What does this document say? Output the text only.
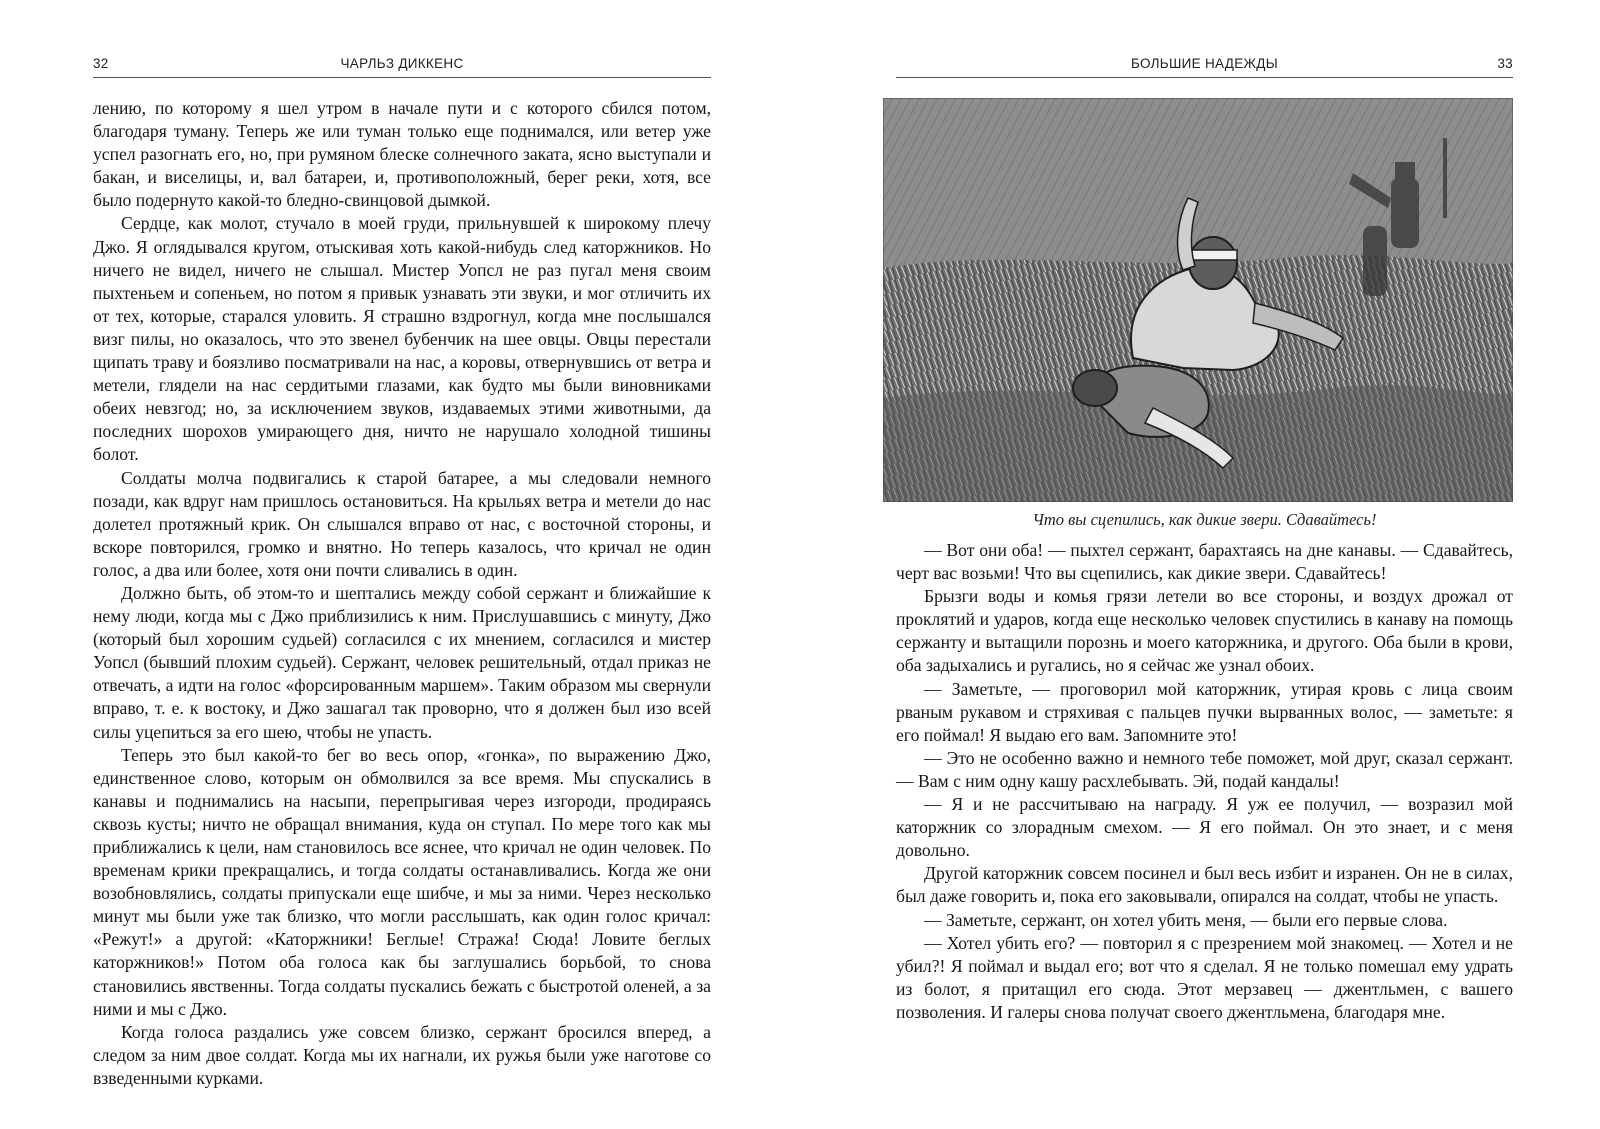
32	ЧАРЛЬЗ ДИККЕНС

лению, по которому я шел утром в начале пути и с которого сбился потом, благодаря туману. Теперь же или туман только еще поднимался, или ветер уже успел разогнать его, но, при румяном блеске солнечного заката, ясно выступали и бакан, и виселицы, и, вал батареи, и, противоположный, берег реки, хотя, все было подернуто какой-то бледно-свинцовой дымкой.

Сердце, как молот, стучало в моей груди, прильнувшей к широкому плечу Джо. Я оглядывался кругом, отыскивая хоть какой-нибудь след каторжников. Но ничего не видел, ничего не слышал. Мистер Уопсл не раз пугал меня своим пыхтеньем и сопеньем, но потом я привык узнавать эти звуки, и мог отличить их от тех, которые, старался уловить. Я страшно вздрогнул, когда мне послышался визг пилы, но оказалось, что это звенел бубенчик на шее овцы. Овцы перестали щипать траву и боязливо посматривали на нас, а коровы, отвернувшись от ветра и метели, глядели на нас сердитыми глазами, как будто мы были виновниками обеих невзгод; но, за исключением звуков, издаваемых этими животными, да последних шорохов умирающего дня, ничто не нарушало холодной тишины болот.

Солдаты молча подвигались к старой батарее, а мы следовали немного позади, как вдруг нам пришлось остановиться. На крыльях ветра и метели до нас долетел протяжный крик. Он слышался вправо от нас, с восточной стороны, и вскоре повторился, громко и внятно. Но теперь казалось, что кричал не один голос, а два или более, хотя они почти сливались в один.

Должно быть, об этом-то и шептались между собой сержант и ближайшие к нему люди, когда мы с Джо приблизились к ним. Прислушавшись с минуту, Джо (который был хорошим судьей) согласился с их мнением, согласился и мистер Уопсл (бывший плохим судьей). Сержант, человек решительный, отдал приказ не отвечать, а идти на голос «форсированным маршем». Таким образом мы свернули вправо, т. е. к востоку, и Джо зашагал так проворно, что я должен был изо всей силы уцепиться за его шею, чтобы не упасть.

Теперь это был какой-то бег во весь опор, «гонка», по выражению Джо, единственное слово, которым он обмолвился за все время. Мы спускались в канавы и поднимались на насыпи, перепрыгивая через изгороди, продираясь сквозь кусты; ничто не обращал внимания, куда он ступал. По мере того как мы приближались к цели, нам становилось все яснее, что кричал не один человек. По временам крики прекращались, и тогда солдаты останавливались. Когда же они возобновлялись, солдаты припускали еще шибче, и мы за ними. Через несколько минут мы были уже так близко, что могли расслышать, как один голос кричал: «Режут!» а другой: «Каторжники! Беглые! Стража! Сюда! Ловите беглых каторжников!» Потом оба голоса как бы заглушались борьбой, то снова становились явственны. Тогда солдаты пускались бежать с быстротой оленей, а за ними и мы с Джо.

Когда голоса раздались уже совсем близко, сержант бросился вперед, а следом за ним двое солдат. Когда мы их нагнали, их ружья были уже наготове со взведенными курками.

БОЛЬШИЕ НАДЕЖДЫ	33
Что вы сцепились, как дикие звери. Сдавайтесь!

— Вот они оба! — пыхтел сержант, барахтаясь на дне канавы. — Сдавайтесь, черт вас возьми! Что вы сцепились, как дикие звери. Сдавайтесь!

Брызги воды и комья грязи летели во все стороны, и воздух дрожал от проклятий и ударов, когда еще несколько человек спустились в канаву на помощь сержанту и вытащили порознь и моего каторжника, и другого. Оба были в крови, оба задыхались и ругались, но я сейчас же узнал обоих.

— Заметьте, — проговорил мой каторжник, утирая кровь с лица своим рваным рукавом и стряхивая с пальцев пучки вырванных волос, — заметьте: я его поймал! Я выдаю его вам. Запомните это!

— Это не особенно важно и немного тебе поможет, мой друг, сказал сержант. — Вам с ним одну кашу расхлебывать. Эй, подай кандалы!

— Я и не рассчитываю на награду. Я уж ее получил, — возразил мой каторжник со злорадным смехом. — Я его поймал. Он это знает, и с меня довольно.

Другой каторжник совсем посинел и был весь избит и изранен. Он не в силах, был даже говорить и, пока его заковывали, опирался на солдат, чтобы не упасть.

— Заметьте, сержант, он хотел убить меня, — были его первые слова.

— Хотел убить его? — повторил я с презрением мой знакомец. — Хотел и не убил?! Я поймал и выдал его; вот что я сделал. Я не только помешал ему удрать из болот, я притащил его сюда. Этот мерзавец — джентльмен, с вашего позволения. И галеры снова получат своего джентльмена, благодаря мне.
